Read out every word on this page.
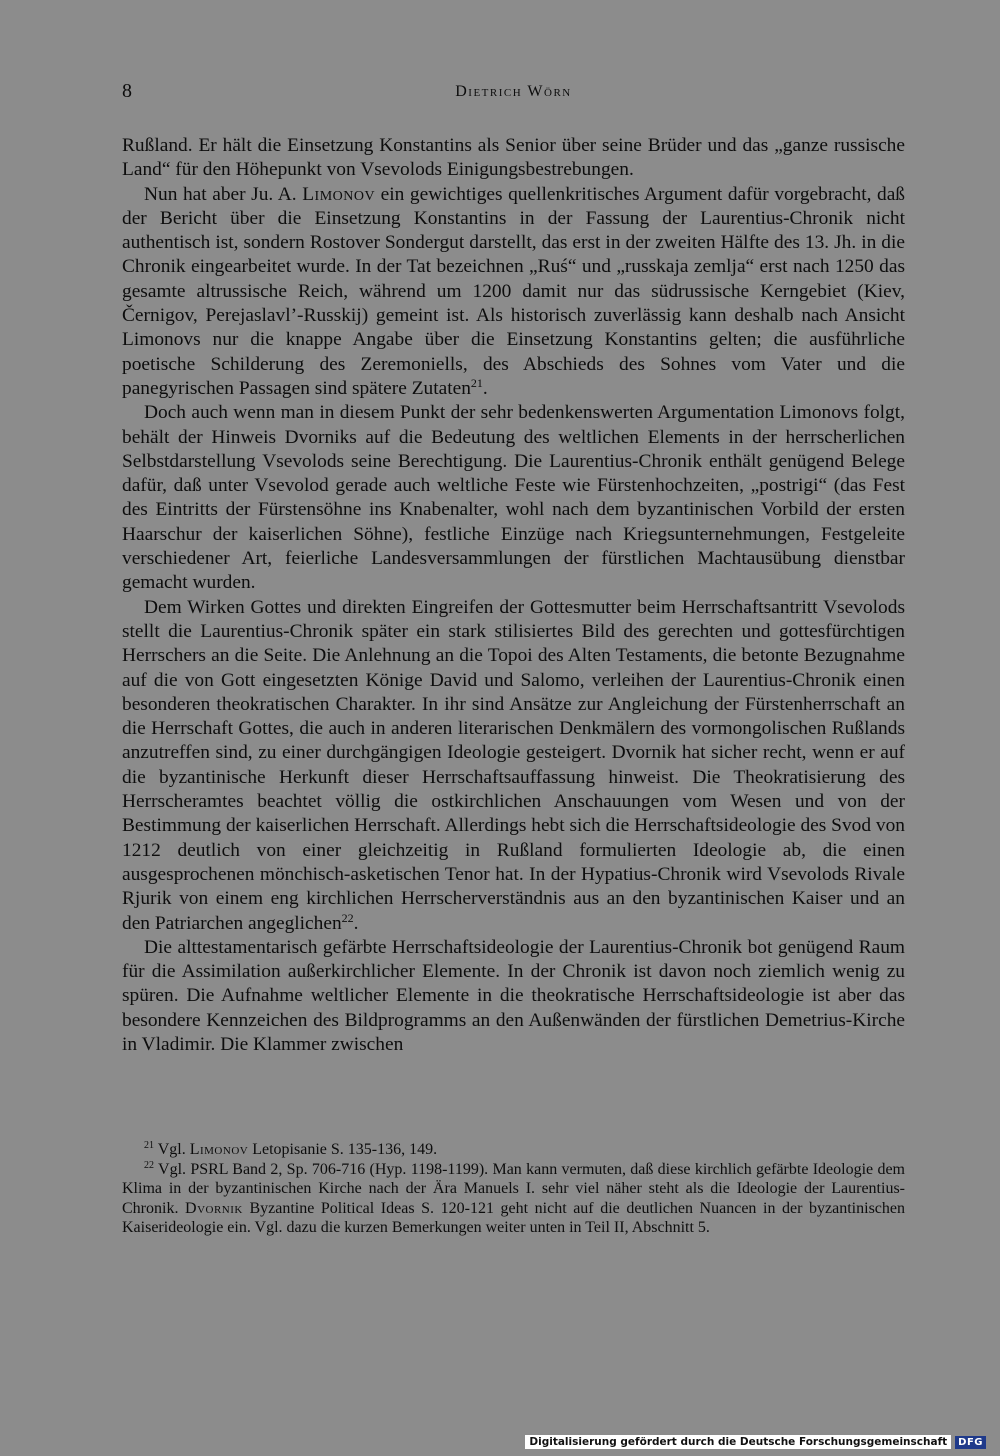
8	Dietrich Wörn

Rußland. Er hält die Einsetzung Konstantins als Senior über seine Brüder und das „ganze russische Land“ für den Höhepunkt von Vsevolods Einigungsbestrebungen.

Nun hat aber Ju. A. Limonov ein gewichtiges quellenkritisches Argument dafür vorgebracht, daß der Bericht über die Einsetzung Konstantins in der Fassung der Laurentius-Chronik nicht authentisch ist, sondern Rostover Sondergut darstellt, das erst in der zweiten Hälfte des 13. Jh. in die Chronik eingearbeitet wurde. In der Tat bezeichnen „Ruś“ und „russkaja zemlja“ erst nach 1250 das gesamte altrussische Reich, während um 1200 damit nur das südrussische Kerngebiet (Kiev, Černigov, Perejaslavl’-Russkij) gemeint ist. Als historisch zuverlässig kann deshalb nach Ansicht Limonovs nur die knappe Angabe über die Einsetzung Konstantins gelten; die ausführliche poetische Schilderung des Zeremoniells, des Abschieds des Sohnes vom Vater und die panegyrischen Passagen sind spätere Zutaten$^{21}$.

Doch auch wenn man in diesem Punkt der sehr bedenkenswerten Argumentation Limonovs folgt, behält der Hinweis Dvorniks auf die Bedeutung des weltlichen Elements in der herrscherlichen Selbstdarstellung Vsevolods seine Berechtigung. Die Laurentius-Chronik enthält genügend Belege dafür, daß unter Vsevolod gerade auch weltliche Feste wie Fürstenhochzeiten, „postrigi“ (das Fest des Eintritts der Fürstensöhne ins Knabenalter, wohl nach dem byzantinischen Vorbild der ersten Haarschur der kaiserlichen Söhne), festliche Einzüge nach Kriegsunternehmungen, Festgeleite verschiedener Art, feierliche Landesversammlungen der fürstlichen Machtausübung dienstbar gemacht wurden.

Dem Wirken Gottes und direkten Eingreifen der Gottesmutter beim Herrschaftsantritt Vsevolods stellt die Laurentius-Chronik später ein stark stilisiertes Bild des gerechten und gottesfürchtigen Herrschers an die Seite. Die Anlehnung an die Topoi des Alten Testaments, die betonte Bezugnahme auf die von Gott eingesetzten Könige David und Salomo, verleihen der Laurentius-Chronik einen besonderen theokratischen Charakter. In ihr sind Ansätze zur Angleichung der Fürstenherrschaft an die Herrschaft Gottes, die auch in anderen literarischen Denkmälern des vormongolischen Rußlands anzutreffen sind, zu einer durchgängigen Ideologie gesteigert. Dvornik hat sicher recht, wenn er auf die byzantinische Herkunft dieser Herrschaftsauffassung hinweist. Die Theokratisierung des Herrscheramtes beachtet völlig die ostkirchlichen Anschauungen vom Wesen und von der Bestimmung der kaiserlichen Herrschaft. Allerdings hebt sich die Herrschaftsideologie des Svod von 1212 deutlich von einer gleichzeitig in Rußland formulierten Ideologie ab, die einen ausgesprochenen mönchisch-asketischen Tenor hat. In der Hypatius-Chronik wird Vsevolods Rivale Rjurik von einem eng kirchlichen Herrscherverständnis aus an den byzantinischen Kaiser und an den Patriarchen angeglichen$^{22}$.

Die alttestamentarisch gefärbte Herrschaftsideologie der Laurentius-Chronik bot genügend Raum für die Assimilation außerkirchlicher Elemente. In der Chronik ist davon noch ziemlich wenig zu spüren. Die Aufnahme weltlicher Elemente in die theokratische Herrschaftsideologie ist aber das besondere Kennzeichen des Bildprogramms an den Außenwänden der fürstlichen Demetrius-Kirche in Vladimir. Die Klammer zwischen

$^{21}$ Vgl. Limonov Letopisanie S. 135-136, 149.

$^{22}$ Vgl. PSRL Band 2, Sp. 706-716 (Hyp. 1198-1199). Man kann vermuten, daß diese kirchlich gefärbte Ideologie dem Klima in der byzantinischen Kirche nach der Ära Manuels I. sehr viel näher steht als die Ideologie der Laurentius-Chronik. Dvornik Byzantine Political Ideas S. 120-121 geht nicht auf die deutlichen Nuancen in der byzantinischen Kaiserideologie ein. Vgl. dazu die kurzen Bemerkungen weiter unten in Teil II, Abschnitt 5.

Digitalisierung gefördert durch die Deutsche Forschungsgemeinschaft	DFG
